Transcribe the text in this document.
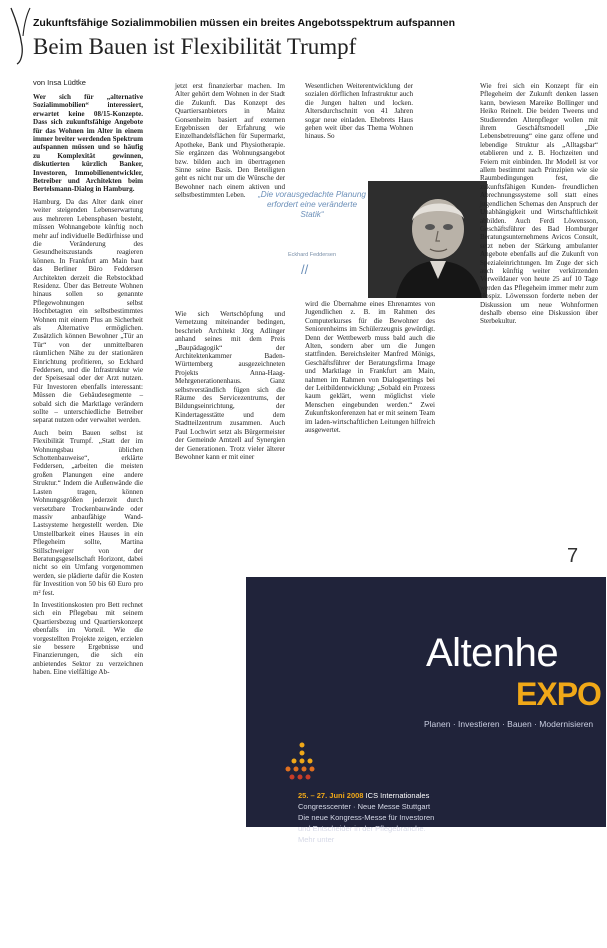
Zukunftsfähige Sozialimmobilien müssen ein breites Angebotsspektrum aufspannen
Beim Bauen ist Flexibilität Trumpf
von Insa Lüdtke

Wer sich für „alternative Sozialimmobilien“ interessiert, erwartet keine 08/15-Konzepte. Dass sich zukunftsfähige Angebote für das Wohnen im Alter in einem immer breiter werdenden Spektrum aufspannen müssen und so häufig zu Komplexität gewinnen, diskutierten kürzlich Banker, Investoren, Immobilienentwickler, Betreiber und Architekten beim Bertelsmann-Dialog in Hamburg.

Hamburg. Da das Alter dank einer weiter steigenden Lebenserwartung aus mehreren Lebensphasen besteht, müssen Wohnangebote künftig noch mehr auf individuelle Bedürfnisse und die Veränderung des Gesundheitszustands reagieren können. In Frankfurt am Main baut das Berliner Büro Feddersen Architekten derzeit die Rebstockbad Residenz. Über das Betreute Wohnen hinaus sollen so genannte Pflegewohnungen selbst Hochbetagten ein selbstbestimmtes Wohnen mit einem Plus an Sicherheit als Alternative ermöglichen. Zusätzlich können Bewohner „Tür an Tür“ von der unmittelbaren räumlichen Nähe zu der stationären Einrichtung profitieren, so Eckhard Feddersen, und die Infrastruktur wie der Speisesaal oder der Arzt nutzen. Für Investoren ebenfalls interessant: Müssen die Gebäudesegmente – sobald sich die Marktlage verändern sollte – unterschiedliche Betreiber separat nutzen oder verwaltet werden.

Auch beim Bauen selbst ist Flexibilität Trumpf. „Statt der im Wohnungsbau üblichen Schottenbauweise“, erklärte Feddersen, „arbeiten die meisten großen Planungen eine andere Struktur.“ Indem die Außenwände die Lasten tragen, können Wohnungsgrößen jederzeit durch versetzbare Trockenbauwände oder massiv anbaufähige Wand-Lastsysteme hergestellt werden. Die Umstellbarkeit eines Hauses in ein Pflegeheim sollte, Martina Stillschweiger von der Beratungsgesellschaft Horizont, dabei nicht so ein Umfang vorgenommen werden, sie plädierte dafür die Kosten für Investition von 50 bis 60 Euro pro m² fest.

In Investitionskosten pro Bett rechnet sich ein Pflegebau mit seinem Quartiersbezug und Quartierskonzept ebenfalls im Vorteil. Wie die vorgestellten Projekte zeigen, erzielen sie bessere Ergebnisse und Finanzierungen, die sich ein anbietendes Sektor zu verzeichnen haben. Eine vielfältige Ab-

jetzt erst finanzierbar machen. Im Alter gehört dem Wohnen in der Stadt die Zukunft. Das Konzept des Quartiersanbieters in Mainz Gonsenheim basiert auf externen Ergebnissen der Erfahrung wie Einzelhandelsflächen für Supermarkt, Apotheke, Bank und Physiotherapie. Sie ergänzen das Wohnungsangebot bzw. bilden auch im übertragenen Sinne seine Basis. Den Beteiligten geht es nicht nur um die Wünsche der Bewohner nach einem aktiven und selbstbestimmten Leben.

Wie sich Wertschöpfung und Vernetzung miteinander bedingen, beschrieb Architekt Jörg Adlinger anhand seines mit dem Preis „Baupädagogik“ der Architektenkammer Baden-Württemberg ausgezeichneten Projekts Anna-Haag-Mehrgenerationenhaus. Ganz selbstverständlich fügen sich die Räume des Servicezentrums, der Bildungseinrichtung, der Kindertagesstätte und dem Stadtteilzentrum zusammen. Auch Paul Lochwirt setzt als Bürgermeister der Gemeinde Amtzell auf Synergien der Generationen. Trotz vieler älterer Bewohner kann er mit einer

Wesentlichen Weiterentwicklung der sozialen dörflichen Infrastruktur auch die Jungen halten und locken. Altersdurchschnitt von 41 Jahren sogar neue einladen. Ehebrets Haus gehen weit über das Thema Wohnen hinaus. So

„Die vorausgedachte Planung erfordert eine veränderte Statik“
Eckhard Feddersen
//

wird die Übernahme eines Ehrenamtes von Jugendlichen z. B. im Rahmen des Computerkurses für die Bewohner des Seniorenheims im Schülerzeugnis gewürdigt. Denn der Wettbewerb muss bald auch die Alten, sondern aber um die Jungen stattfinden. Bereichsleiter Manfred Mönigs, Geschäftsführer der Beratungsfirma Image und Marktlage in Frankfurt am Main, nahmen im Rahmen von Dialogsettings bei der Leitbildentwicklung: „Sobald ein Prozess kaum geklärt, wenn möglichst viele Menschen eingebunden werden.“ Zwei Zukunftskonferenzen hat er mit seinem Team im laden-wirtschaftlichen Leitungen hilfreich ausgewertet.

Wie frei sich ein Konzept für ein Pflegeheim der Zukunft denken lassen kann, bewiesen Mareike Bollinger und Heiko Reinelt. Die beiden Tweens und Studierenden Altenpfleger wollen mit ihrem Geschäftsmodell „Die Lebensbetreuung“ eine ganz offene und lebendige Struktur als „Alltagsbar“ etablieren und z. B. Hochzeiten und Feiern mit einbinden. Ihr Modell ist vor allem bestimmt nach Prinzipien wie sie Raumbedingungen fest, die zukunftsfähigen Kunden- freundlichen Abrechnungssysteme soll statt eines jugendlichen Schemas den Anspruch der Unabhängigkeit und Wirtschaftlichkeit abbilden. Auch Ferdi Löwensson, Geschäftsführer des Bad Homburger Beratungsunternehmens Avicos Consult, setzt neben der Stärkung ambulanter Angebote ebenfalls auf die Zukunft von Spezialeinrichtungen. Im Zuge der sich auch künftig weiter verkürzenden Verweildauer von heute 25 auf 10 Tage werden das Pflegeheim immer mehr zum Hospiz. Löwensson forderte neben der Diskussion um neue Wohnformen deshalb ebenso eine Diskussion über Sterbekultur.

7
Altenhe
EXPO
Planen · Investieren · Bauen · Modernisieren
25. – 27. Juni 2008 ICS Internationales
Congresscenter · Neue Messe Stuttgart
Die neue Kongress-Messe für Investoren
und Entscheider in der Pflegebranche.
Mehr unter www.altenheim-expo.de
